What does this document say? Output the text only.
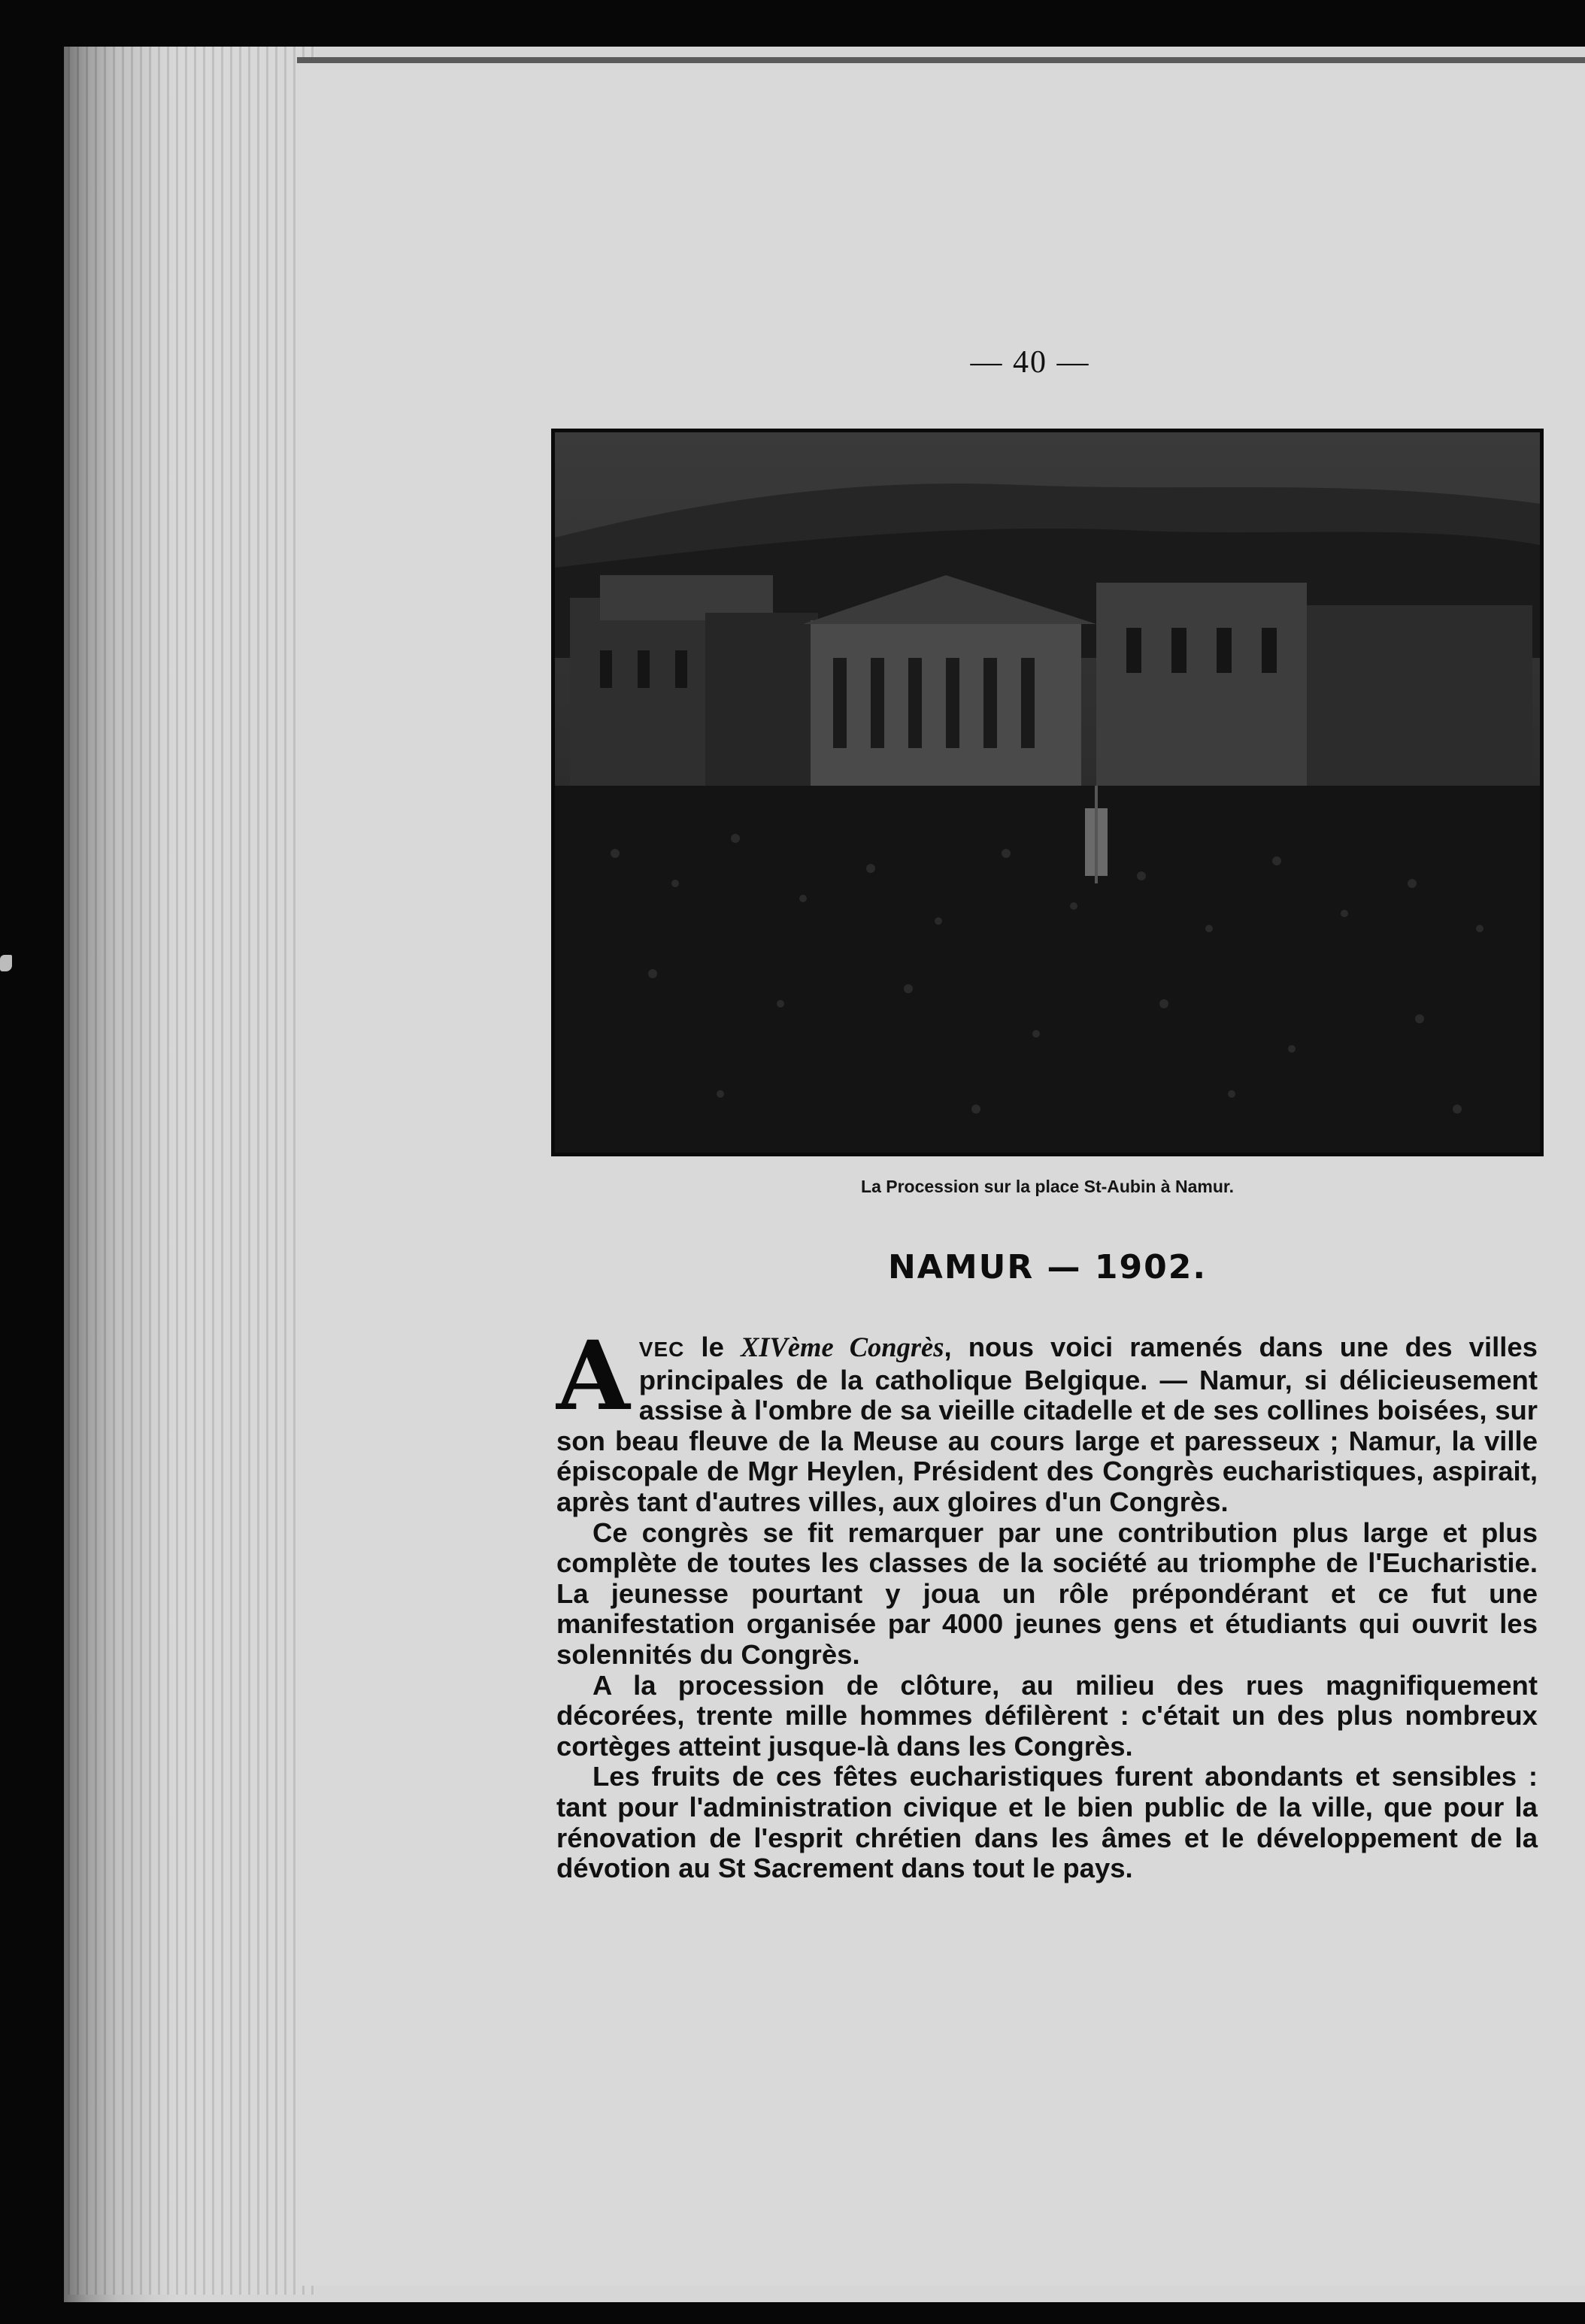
— 40 —
La Procession sur la place St-Aubin à Namur.
NAMUR — 1902.

AVEC le XIVème Congrès, nous voici ramenés dans une des villes principales de la catholique Belgique. — Namur, si délicieusement assise à l'ombre de sa vieille citadelle et de ses collines boisées, sur son beau fleuve de la Meuse au cours large et paresseux ; Namur, la ville épiscopale de Mgr Heylen, Président des Congrès eucharistiques, aspirait, après tant d'autres villes, aux gloires d'un Congrès.

Ce congrès se fit remarquer par une contribution plus large et plus complète de toutes les classes de la société au triomphe de l'Eucharistie. La jeunesse pourtant y joua un rôle prépondérant et ce fut une manifestation organisée par 4000 jeunes gens et étudiants qui ouvrit les solennités du Congrès.

A la procession de clôture, au milieu des rues magnifiquement décorées, trente mille hommes défilèrent : c'était un des plus nombreux cortèges atteint jusque-là dans les Congrès.

Les fruits de ces fêtes eucharistiques furent abondants et sensibles : tant pour l'administration civique et le bien public de la ville, que pour la rénovation de l'esprit chrétien dans les âmes et le développement de la dévotion au St Sacrement dans tout le pays.
